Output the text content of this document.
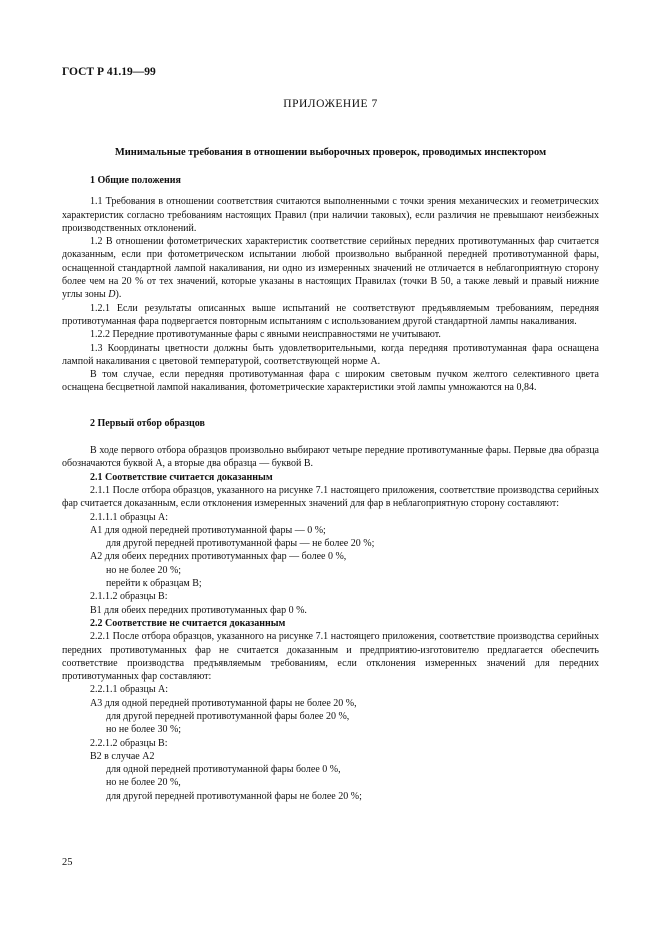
ГОСТ Р 41.19—99
ПРИЛОЖЕНИЕ 7
Минимальные требования в отношении выборочных проверок, проводимых инспектором

1 Общие положения

1.1 Требования в отношении соответствия считаются выполненными с точки зрения механических и геометрических характеристик согласно требованиям настоящих Правил (при наличии таковых), если различия не превышают неизбежных производственных отклонений.

1.2 В отношении фотометрических характеристик соответствие серийных передних противотуманных фар считается доказанным, если при фотометрическом испытании любой произвольно выбранной передней противотуманной фары, оснащенной стандартной лампой накаливания, ни одно из измеренных значений не отличается в неблагоприятную сторону более чем на 20 % от тех значений, которые указаны в настоящих Правилах (точки B 50, а также левый и правый нижние углы зоны D).

1.2.1 Если результаты описанных выше испытаний не соответствуют предъявляемым требованиям, передняя противотуманная фара подвергается повторным испытаниям с использованием другой стандартной лампы накаливания.

1.2.2 Передние противотуманные фары с явными неисправностями не учитывают.

1.3 Координаты цветности должны быть удовлетворительными, когда передняя противотуманная фара оснащена лампой накаливания с цветовой температурой, соответствующей норме A.

В том случае, если передняя противотуманная фара с широким световым пучком желтого селективного цвета оснащена бесцветной лампой накаливания, фотометрические характеристики этой лампы умножаются на 0,84.

2 Первый отбор образцов

В ходе первого отбора образцов произвольно выбирают четыре передние противотуманные фары. Первые два образца обозначаются буквой A, а вторые два образца — буквой B.

2.1 Соответствие считается доказанным

2.1.1 После отбора образцов, указанного на рисунке 7.1 настоящего приложения, соответствие производства серийных фар считается доказанным, если отклонения измеренных значений для фар в неблагоприятную сторону составляют:

2.1.1.1 образцы A:

A1 для одной передней противотуманной фары — 0 %;

для другой передней противотуманной фары — не более 20 %;

A2 для обеих передних противотуманных фар — более 0 %,

но не более 20 %;

перейти к образцам B;

2.1.1.2 образцы B:

B1 для обеих передних противотуманных фар 0 %.

2.2 Соответствие не считается доказанным

2.2.1 После отбора образцов, указанного на рисунке 7.1 настоящего приложения, соответствие производства серийных передних противотуманных фар не считается доказанным и предприятию-изготовителю предлагается обеспечить соответствие производства предъявляемым требованиям, если отклонения измеренных значений для передних противотуманных фар составляют:

2.2.1.1 образцы A:

A3 для одной передней противотуманной фары не более 20 %,

для другой передней противотуманной фары более 20 %,

но не более 30 %;

2.2.1.2 образцы B:

B2 в случае A2

для одной передней противотуманной фары более 0 %,

но не более 20 %,

для другой передней противотуманной фары не более 20 %;

25
